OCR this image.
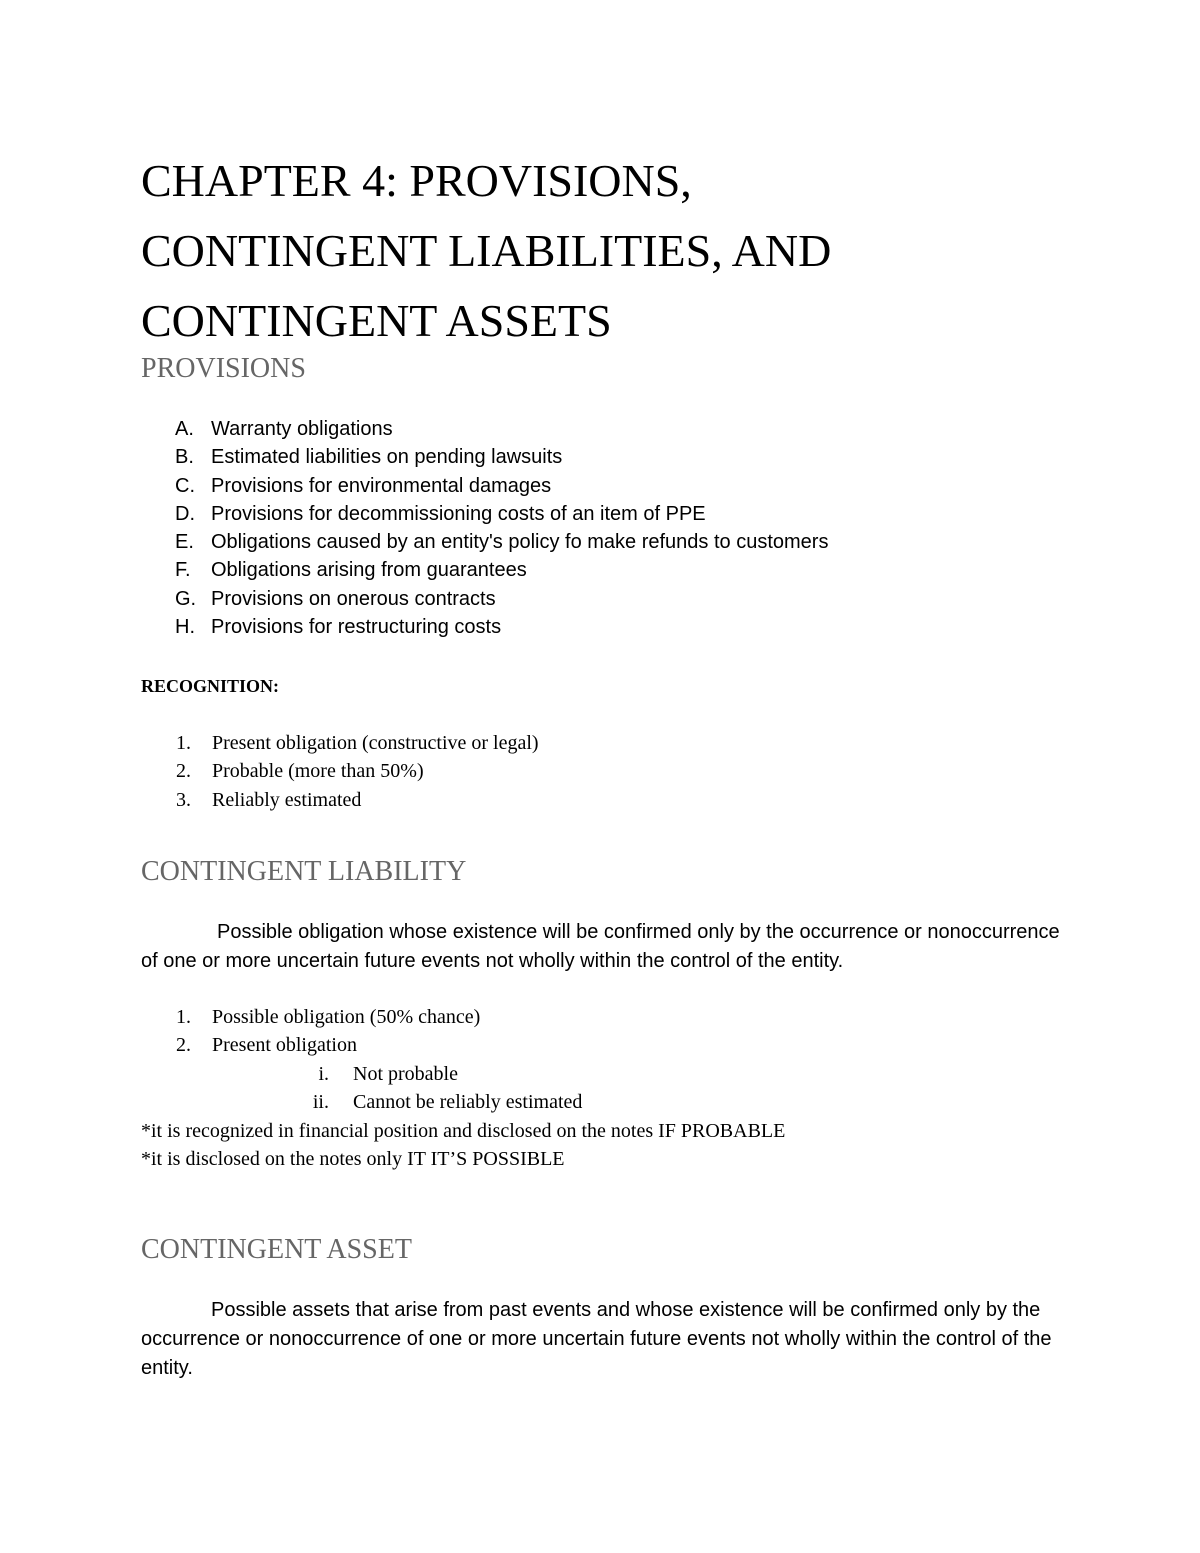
CHAPTER 4: PROVISIONS,
CONTINGENT LIABILITIES, AND
CONTINGENT ASSETS
PROVISIONS
A. Warranty obligations
B. Estimated liabilities on pending lawsuits
C. Provisions for environmental damages
D. Provisions for decommissioning costs of an item of PPE
E. Obligations caused by an entity's policy fo make refunds to customers
F.	Obligations arising from guarantees
G. Provisions on onerous contracts
H. Provisions for restructuring costs
RECOGNITION:
1.	Present obligation (constructive or legal)
2.	Probable (more than 50%)
3.	Reliably estimated
CONTINGENT LIABILITY

Possible obligation whose existence will be confirmed only by the occurrence or nonoccurrence of one or more uncertain future events not wholly within the control of the entity.

1.	Possible obligation (50% chance)
2.	Present obligation
i. Not probable
ii. Cannot be reliably estimated

*it is recognized in financial position and disclosed on the notes IF PROBABLE

*it is disclosed on the notes only IT IT’S POSSIBLE

CONTINGENT ASSET

Possible assets that arise from past events and whose existence will be confirmed only by the occurrence or nonoccurrence of one or more uncertain future events not wholly within the control of the entity.
